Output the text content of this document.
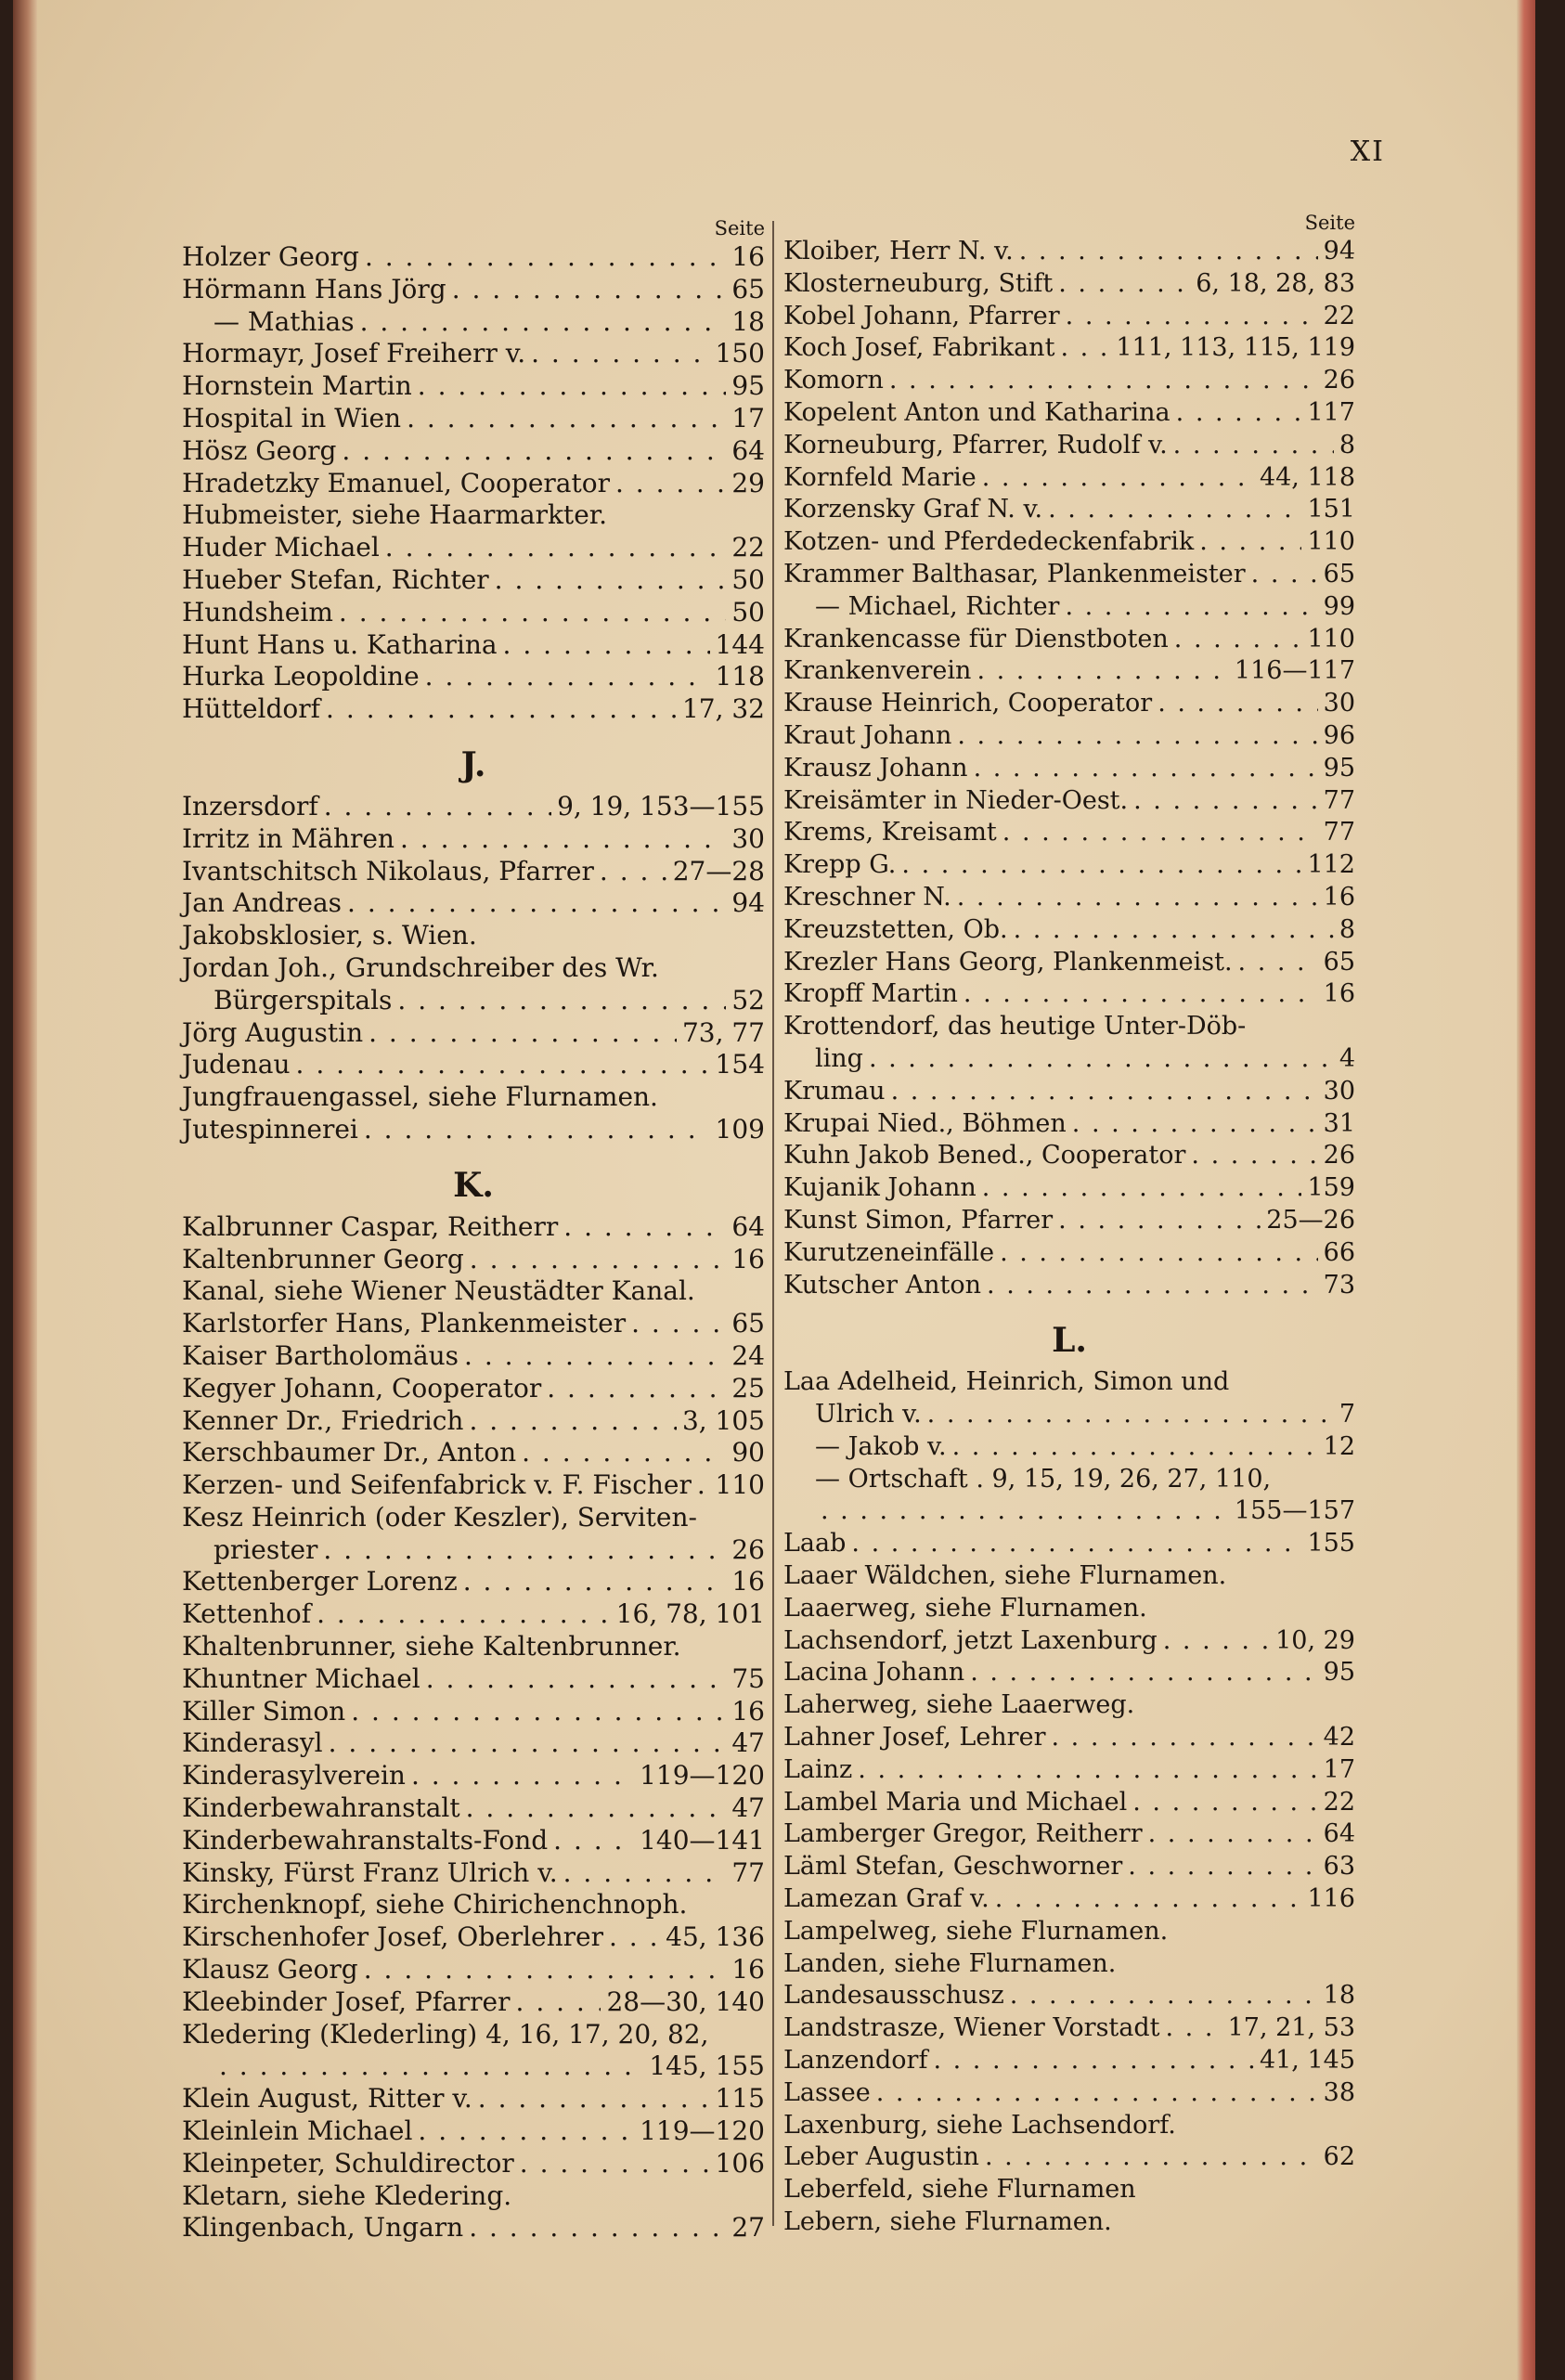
XI
Seite
Holzer Georg . . .	16
Hörmann Hans Jörg . . .	65
— Mathias . . .	18
Hormayr, Josef Freiherr v. . . .	150
Hornstein Martin . . .	95
Hospital in Wien . . .	17
Hösz Georg . . .	64
Hradetzky Emanuel, Cooperator . . .	29
Hubmeister, siehe Haarmarkter.
Huder Michael . . .	22
Hueber Stefan, Richter . . .	50
Hundsheim . . .	50
Hunt Hans u. Katharina . . .	144
Hurka Leopoldine . . .	118
Hütteldorf . . .	17, 32
J.
Inzersdorf . . .	9, 19, 153—155
Irritz in Mähren . . .	30
Ivantschitsch Nikolaus, Pfarrer . . .	27—28
Jan Andreas . . .	94
Jakobsklosier, s. Wien.
Jordan Joh., Grundschreiber des Wr.
Bürgerspitals . . .	52
Jörg Augustin . . .	73, 77
Judenau . . .	154
Jungfrauengassel, siehe Flurnamen.
Jutespinnerei . . .	109
K.
Kalbrunner Caspar, Reitherr . . .	64
Kaltenbrunner Georg . . .	16
Kanal, siehe Wiener Neustädter Kanal.
Karlstorfer Hans, Plankenmeister . . .	65
Kaiser Bartholomäus . . .	24
Kegyer Johann, Cooperator . . .	25
Kenner Dr., Friedrich . . .	3, 105
Kerschbaumer Dr., Anton . . .	90
Kerzen- und Seifenfabrick v. F. Fischer . . . 110
Kesz Heinrich (oder Keszler), Serviten-
priester . . .	26
Kettenberger Lorenz . . .	16
Kettenhof . . .	16, 78, 101
Khaltenbrunner, siehe Kaltenbrunner.
Khuntner Michael . . .	75
Killer Simon . . .	16
Kinderasyl . . .	47
Kinderasylverein . . .	119—120
Kinderbewahranstalt . . .	47
Kinderbewahranstalts-Fond . . .	140—141
Kinsky, Fürst Franz Ulrich v. . . .	77
Kirchenknopf, siehe Chirichenchnoph.
Kirschenhofer Josef, Oberlehrer . . . 45, 136
Klausz Georg . . .	16
Kleebinder Josef, Pfarrer . . .	28—30, 140
Kledering (Klederling) 4, 16, 17, 20, 82,
. . .
145, 155
Klein August, Ritter v. . . .	115
Kleinlein Michael . . .	119—120
Kleinpeter, Schuldirector . . .	106
Kletarn, siehe Kledering.
Klingenbach, Ungarn . . .	27
Seite
Kloiber, Herr N. v. . . .	94
Klosterneuburg, Stift . . .	6, 18, 28, 83
Kobel Johann, Pfarrer . . .	22
Koch Josef, Fabrikant . . . 111, 113, 115, 119
Komorn . . .	26
Kopelent Anton und Katharina . . .	117
Korneuburg, Pfarrer, Rudolf v. . . .	8
Kornfeld Marie . . .	44, 118
Korzensky Graf N. v. . . .	151
Kotzen- und Pferdedeckenfabrik . . .	110
Krammer Balthasar, Plankenmeister . . .	65
— Michael, Richter . . .	99
Krankencasse für Dienstboten . . .	110
Krankenverein . . .	116—117
Krause Heinrich, Cooperator . . .	30
Kraut Johann . . .	96
Krausz Johann . . .	95
Kreisämter in Nieder-Oest. . . .	77
Krems, Kreisamt . . .	77
Krepp G. . . .	112
Kreschner N. . . .	16
Kreuzstetten, Ob. . . .	8
Krezler Hans Georg, Plankenmeist. . . .	65
Kropff Martin . . .	16
Krottendorf, das heutige Unter-Döb-
ling . . .	4
Krumau . . .	30
Krupai Nied., Böhmen . . .	31
Kuhn Jakob Bened., Cooperator . . .	26
Kujanik Johann . . .	159
Kunst Simon, Pfarrer . . .	25—26
Kurutzeneinfälle . . .	66
Kutscher Anton . . .	73
L.
Laa Adelheid, Heinrich, Simon und
Ulrich v. . . .	7
— Jakob v. . . .	12
— Ortschaft . 9, 15, 19, 26, 27, 110,
. . .
155—157
Laab . . .	155
Laaer Wäldchen, siehe Flurnamen.
Laaerweg, siehe Flurnamen.
Lachsendorf, jetzt Laxenburg . . .	10, 29
Lacina Johann . . .	95
Laherweg, siehe Laaerweg.
Lahner Josef, Lehrer . . .	42
Lainz . . .	17
Lambel Maria und Michael . . .	22
Lamberger Gregor, Reitherr . . .	64
Läml Stefan, Geschworner . . .	63
Lamezan Graf v. . . .	116
Lampelweg, siehe Flurnamen.
Landen, siehe Flurnamen.
Landesausschusz . . .	18
Landstrasze, Wiener Vorstadt . . .	17, 21, 53
Lanzendorf . . .	41, 145
Lassee . . .	38
Laxenburg, siehe Lachsendorf.
Leber Augustin . . .	62
Leberfeld, siehe Flurnamen
Lebern, siehe Flurnamen.
